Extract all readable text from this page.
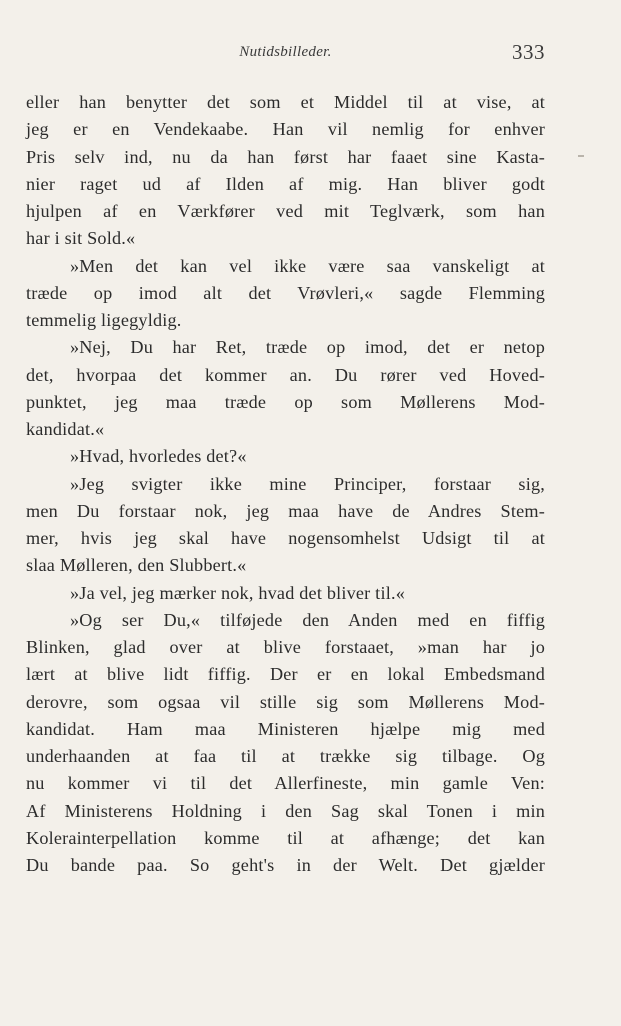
Nutidsbilleder.	333
eller han benytter det som et Middel til at vise, at
jeg er en Vendekaabe. Han vil nemlig for enhver
Pris selv ind, nu da han først har faaet sine Kasta-
nier raget ud af Ilden af mig. Han bliver godt
hjulpen af en Værkfører ved mit Teglværk, som han
har i sit Sold.«
»Men det kan vel ikke være saa vanskeligt at
træde op imod alt det Vrøvleri,« sagde Flemming
temmelig ligegyldig.
»Nej, Du har Ret, træde op imod, det er netop
det, hvorpaa det kommer an. Du rører ved Hoved-
punktet, jeg maa træde op som Møllerens Mod-
kandidat.«
»Hvad, hvorledes det?«
»Jeg svigter ikke mine Principer, forstaar sig,
men Du forstaar nok, jeg maa have de Andres Stem-
mer, hvis jeg skal have nogensomhelst Udsigt til at
slaa Mølleren, den Slubbert.«
»Ja vel, jeg mærker nok, hvad det bliver til.«
»Og ser Du,« tilføjede den Anden med en fiffig
Blinken, glad over at blive forstaaet, »man har jo
lært at blive lidt fiffig. Der er en lokal Embedsmand
derovre, som ogsaa vil stille sig som Møllerens Mod-
kandidat. Ham maa Ministeren hjælpe mig med
underhaanden at faa til at trække sig tilbage. Og
nu kommer vi til det Allerfineste, min gamle Ven:
Af Ministerens Holdning i den Sag skal Tonen i min
Kolerainterpellation komme til at afhænge; det kan
Du bande paa. So geht's in der Welt. Det gjælder
